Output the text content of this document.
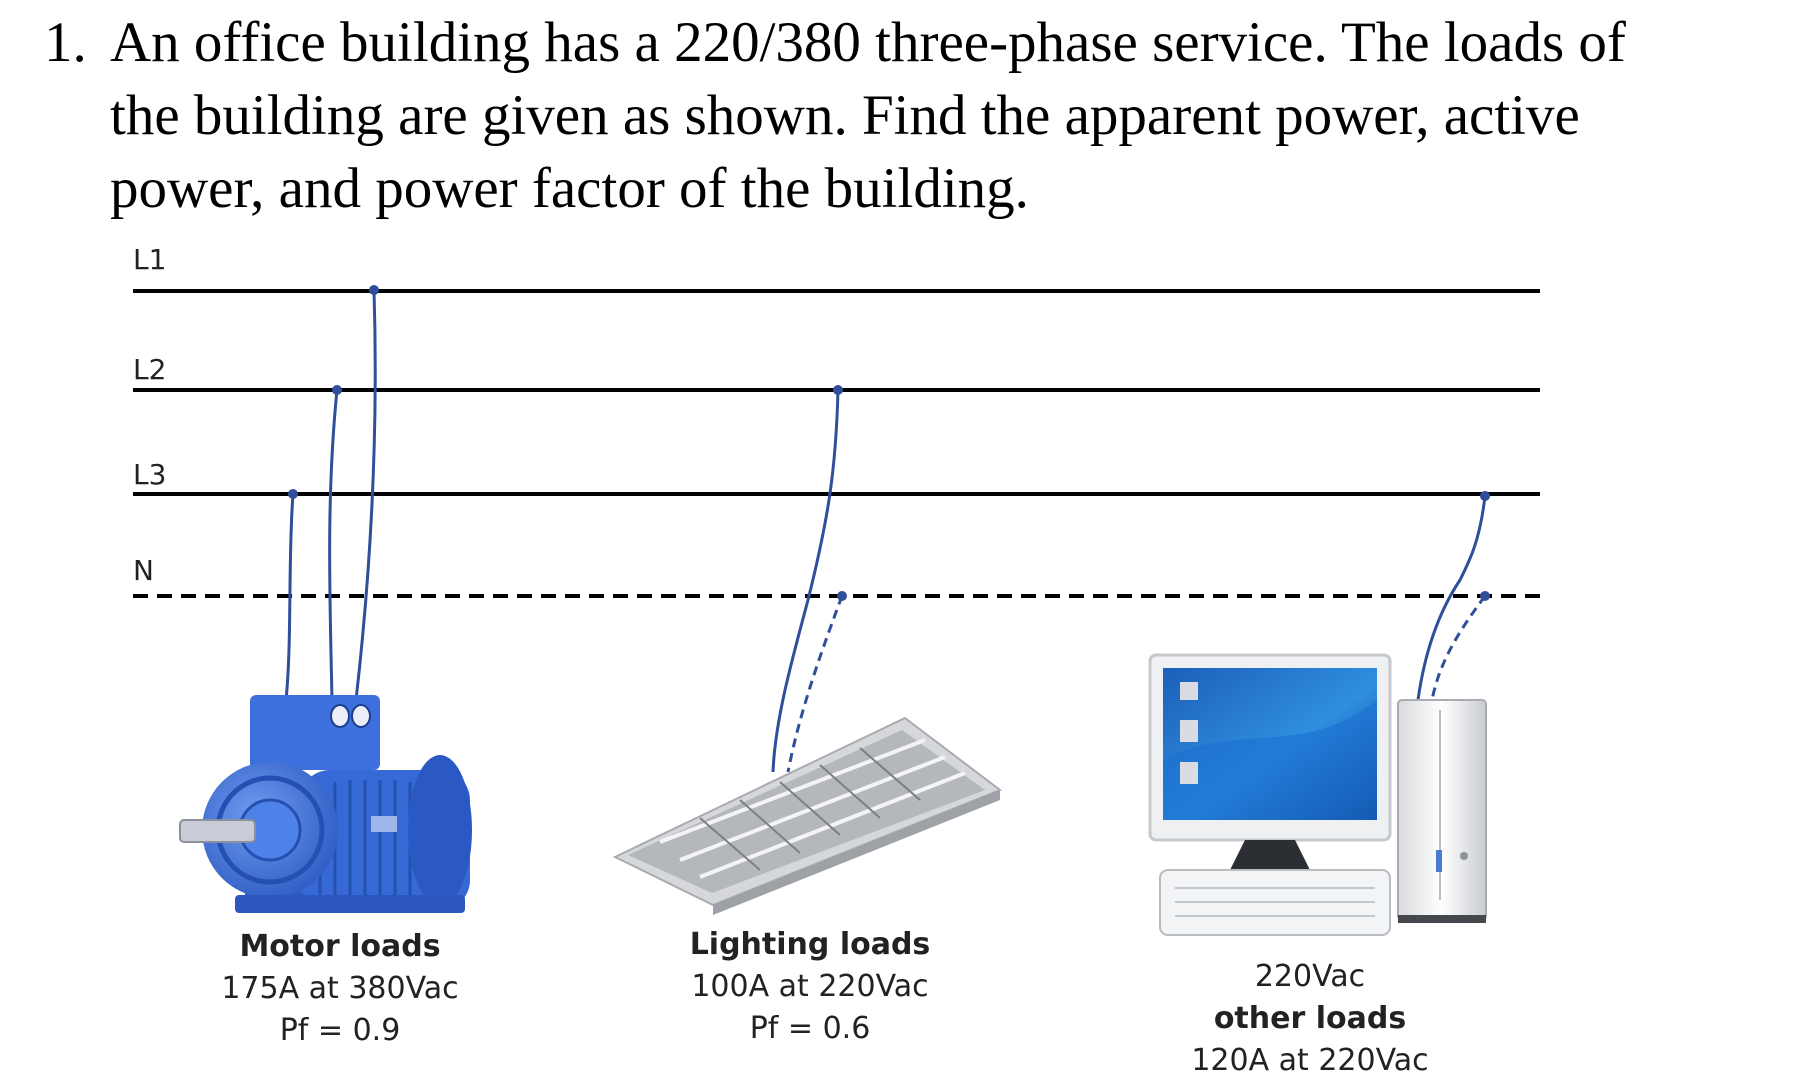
1. An office building has a 220/380 three-phase service. The loads of
the building are given as shown. Find the apparent power, active
power, and power factor of the building.
L1
L2
L3
N
Motor loads
175A at 380Vac
Pf = 0.9
Lighting loads
100A at 220Vac
Pf = 0.6
220Vac
other loads
120A at 220Vac
